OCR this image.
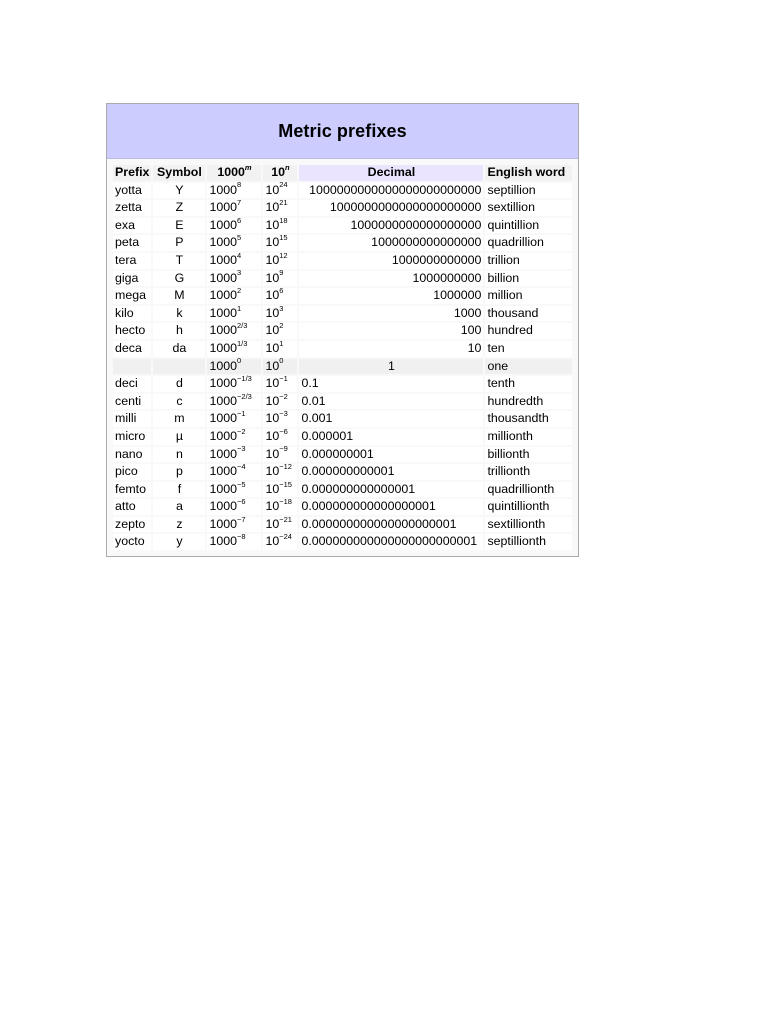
Metric prefixes
Prefix	Symbol	1000$^m$	10$^n$	Decimal	English word
yotta	Y	1000$^8$	$10^{24}$	1000000000000000000000000	septillion
zetta	Z	1000$^7$	$10^{21}$	1000000000000000000000	sextillion
exa	E	1000$^6$	$10^{18}$	1000000000000000000	quintillion
peta	P	1000$^5$	$10^{15}$	1000000000000000	quadrillion
tera	T	1000$^4$	$10^{12}$	1000000000000	trillion
giga	G	1000$^3$	$10^9$	1000000000	billion
mega	M	1000$^2$	$10^6$	1000000	million
kilo	k	1000$^1$	$10^3$	1000	thousand
hecto	h	$1000^{2/3}$	$10^2$	100	hundred
deca	da	$1000^{1/3}$	$10^1$	10	ten
		1000$^0$	$10^0$	1	one
deci	d	$1000^{-1/3}$	$10^{-1}$	0.1	tenth
centi	c	$1000^{-2/3}$	$10^{-2}$	0.01	hundredth
milli	m	$1000^{-1}$	$10^{-3}$	0.001	thousandth
micro	µ	$1000^{-2}$	$10^{-6}$	0.000001	millionth
nano	n	$1000^{-3}$	$10^{-9}$	0.000000001	billionth
pico	p	$1000^{-4}$	$10^{-12}$	0.000000000001	trillionth
femto	f	$1000^{-5}$	$10^{-15}$	0.000000000000001	quadrillionth
atto	a	$1000^{-6}$	$10^{-18}$	0.000000000000000001	quintillionth
zepto	z	$1000^{-7}$	$10^{-21}$	0.000000000000000000001	sextillionth
yocto	y	$1000^{-8}$	$10^{-24}$	0.000000000000000000000001	septillionth
